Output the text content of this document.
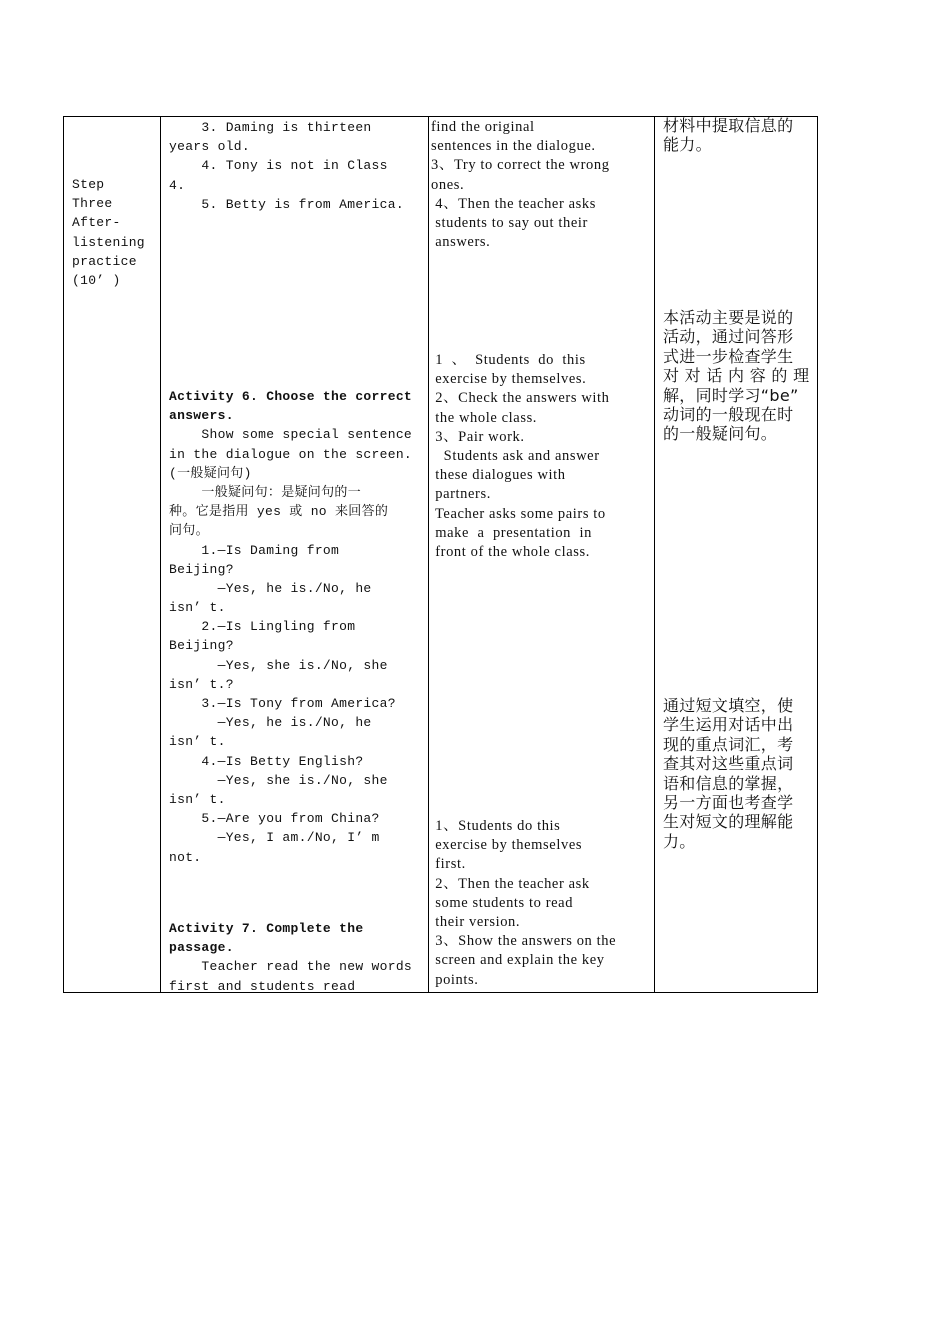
Step
Three
After-
listening
practice
(10’ )
3. Daming is thirteen
years old.
4. Tony is not in Class
4.
5. Betty is from America.
Activity 6. Choose the correct
answers.
Show some special sentence
in the dialogue on the screen.
(一般疑问句)
一般疑问句：是疑问句的一
种。它是指用 yes 或 no 来回答的
问句。
1.—Is Daming from
Beijing?
—Yes, he is./No, he
isn’ t.
2.—Is Lingling from
Beijing?
—Yes, she is./No, she
isn’ t.?
3.—Is Tony from America?
—Yes, he is./No, he
isn’ t.
4.—Is Betty English?
—Yes, she is./No, she
isn’ t.
5.—Are you from China?
—Yes, I am./No, I’ m
not.
Activity 7. Complete the
passage.
Teacher read the new words
first and students read
find the original
sentences in the dialogue.
3、Try to correct the wrong
ones.
4、Then the teacher asks
students to say out their
answers.
1  、  Students  do  this
exercise by themselves.
2、Check the answers with
the whole class.
3、Pair work.
Students ask and answer
these dialogues with
partners.
Teacher asks some pairs to
make  a  presentation  in
front of the whole class.
1、Students do this
exercise by themselves
first.
2、Then the teacher ask
some students to read
their version.
3、Show the answers on the
screen and explain the key
points.
材料中提取信息的
能力。
本活动主要是说的
活动，通过问答形
式进一步检查学生
对 对 话 内 容 的 理
解，同时学习“be”
动词的一般现在时
的一般疑问句。
通过短文填空，使
学生运用对话中出
现的重点词汇，考
查其对这些重点词
语和信息的掌握，
另一方面也考查学
生对短文的理解能
力。
